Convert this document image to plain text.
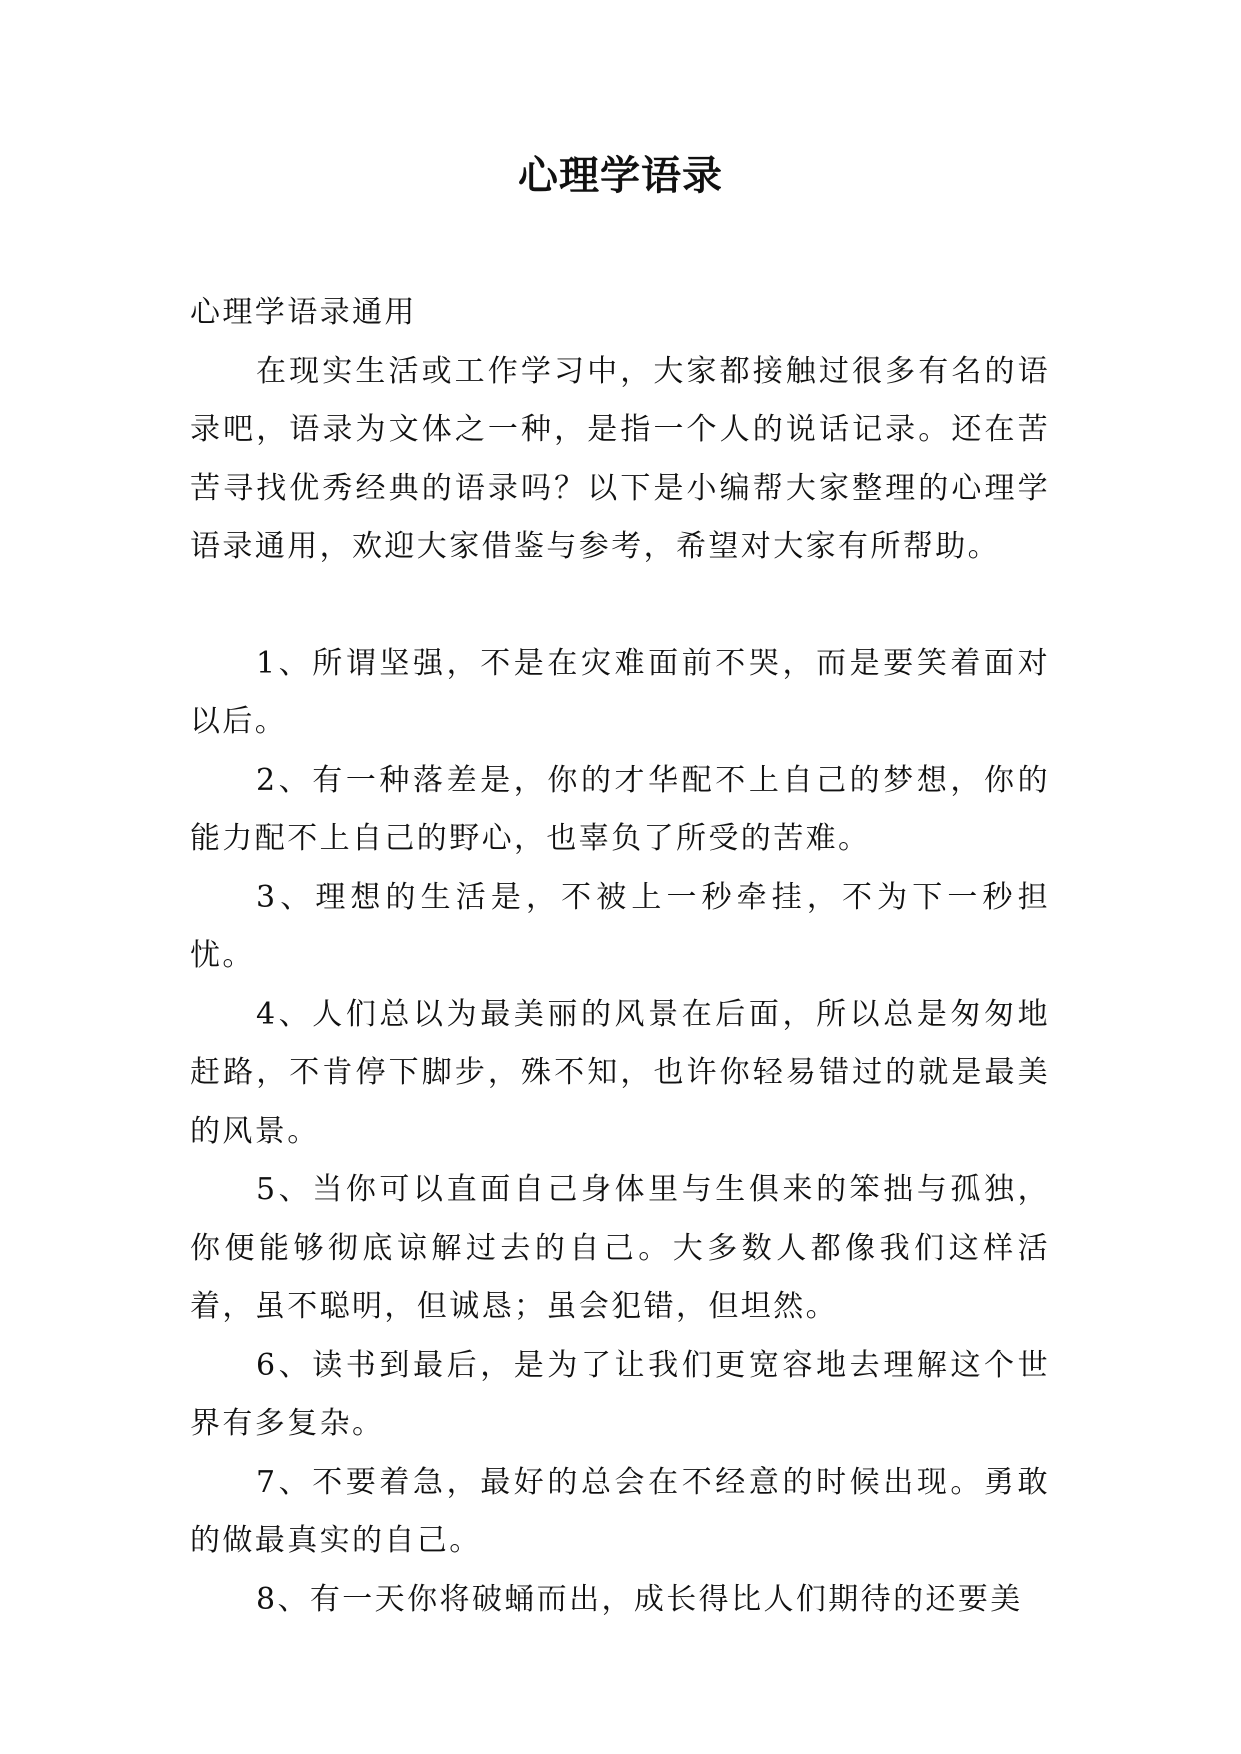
心理学语录

心理学语录通用

在现实生活或工作学习中，大家都接触过很多有名的语录吧，语录为文体之一种，是指一个人的说话记录。还在苦苦寻找优秀经典的语录吗？以下是小编帮大家整理的心理学语录通用，欢迎大家借鉴与参考，希望对大家有所帮助。

1、所谓坚强，不是在灾难面前不哭，而是要笑着面对以后。

2、有一种落差是，你的才华配不上自己的梦想，你的能力配不上自己的野心，也辜负了所受的苦难。

3、理想的生活是，不被上一秒牵挂，不为下一秒担忧。

4、人们总以为最美丽的风景在后面，所以总是匆匆地赶路，不肯停下脚步，殊不知，也许你轻易错过的就是最美的风景。

5、当你可以直面自己身体里与生俱来的笨拙与孤独，你便能够彻底谅解过去的自己。大多数人都像我们这样活着，虽不聪明，但诚恳；虽会犯错，但坦然。

6、读书到最后，是为了让我们更宽容地去理解这个世界有多复杂。

7、不要着急，最好的总会在不经意的时候出现。勇敢的做最真实的自己。

8、有一天你将破蛹而出，成长得比人们期待的还要美
